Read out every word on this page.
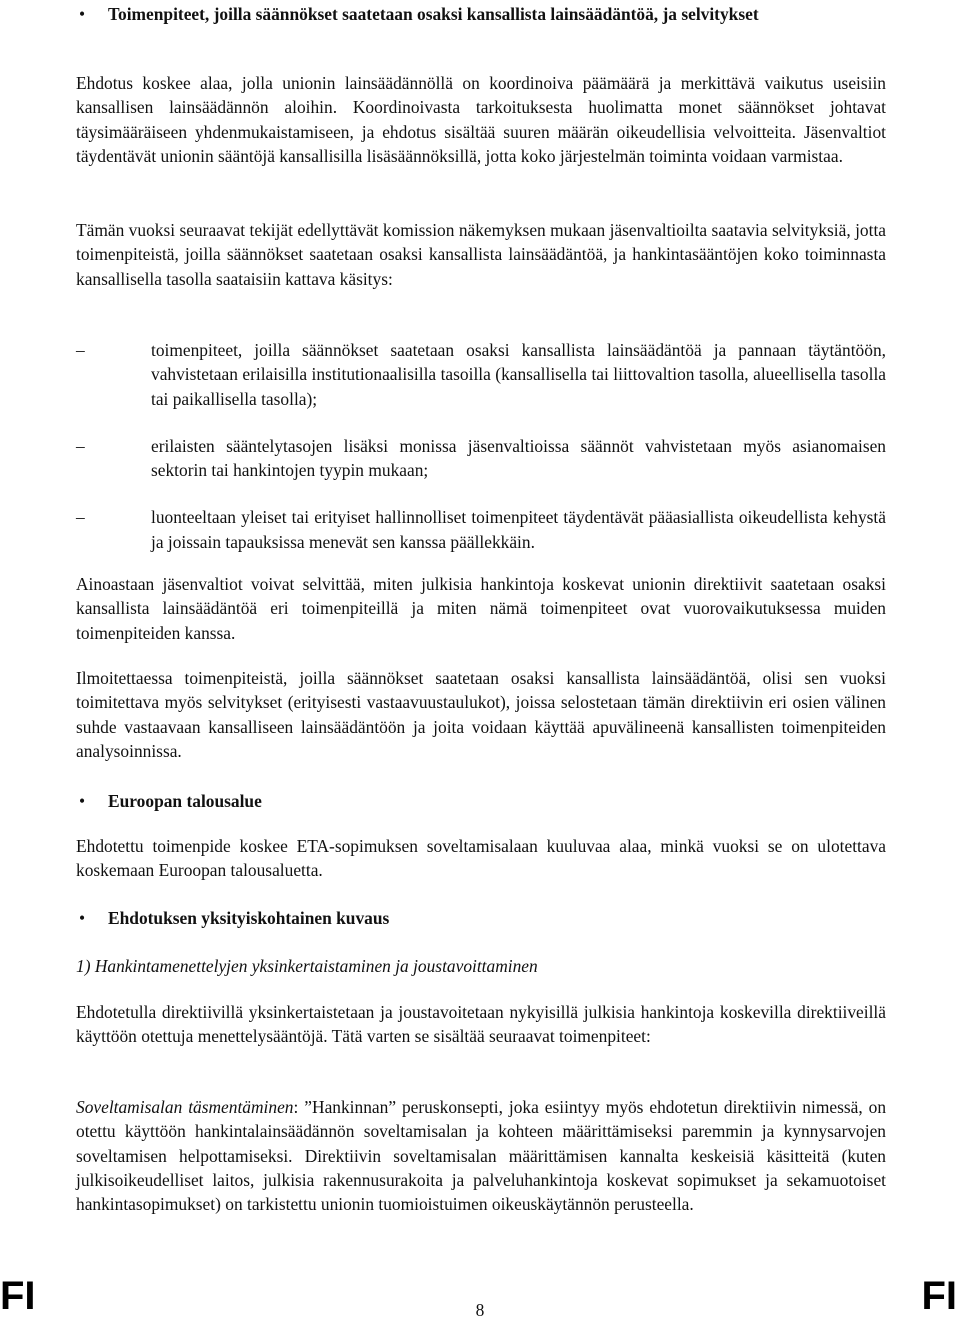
• Toimenpiteet, joilla säännökset saatetaan osaksi kansallista lainsäädäntöä, ja selvitykset

Ehdotus koskee alaa, jolla unionin lainsäädännöllä on koordinoiva päämäärä ja merkittävä vaikutus useisiin kansallisen lainsäädännön aloihin. Koordinoivasta tarkoituksesta huolimatta monet säännökset johtavat täysimääräiseen yhdenmukaistamiseen, ja ehdotus sisältää suuren määrän oikeudellisia velvoitteita. Jäsenvaltiot täydentävät unionin sääntöjä kansallisilla lisäsäännöksillä, jotta koko järjestelmän toiminta voidaan varmistaa.

Tämän vuoksi seuraavat tekijät edellyttävät komission näkemyksen mukaan jäsenvaltioilta saatavia selvityksiä, jotta toimenpiteistä, joilla säännökset saatetaan osaksi kansallista lainsäädäntöä, ja hankintasääntöjen koko toiminnasta kansallisella tasolla saataisiin kattava käsitys:

–	toimenpiteet, joilla säännökset saatetaan osaksi kansallista lainsäädäntöä ja pannaan täytäntöön, vahvistetaan erilaisilla institutionaalisilla tasoilla (kansallisella tai liittovaltion tasolla, alueellisella tasolla tai paikallisella tasolla);

–	erilaisten sääntelytasojen lisäksi monissa jäsenvaltioissa säännöt vahvistetaan myös asianomaisen sektorin tai hankintojen tyypin mukaan;

–	luonteeltaan yleiset tai erityiset hallinnolliset toimenpiteet täydentävät pääasiallista oikeudellista kehystä ja joissain tapauksissa menevät sen kanssa päällekkäin.

Ainoastaan jäsenvaltiot voivat selvittää, miten julkisia hankintoja koskevat unionin direktiivit saatetaan osaksi kansallista lainsäädäntöä eri toimenpiteillä ja miten nämä toimenpiteet ovat vuorovaikutuksessa muiden toimenpiteiden kanssa.

Ilmoitettaessa toimenpiteistä, joilla säännökset saatetaan osaksi kansallista lainsäädäntöä, olisi sen vuoksi toimitettava myös selvitykset (erityisesti vastaavuustaulukot), joissa selostetaan tämän direktiivin eri osien välinen suhde vastaavaan kansalliseen lainsäädäntöön ja joita voidaan käyttää apuvälineenä kansallisten toimenpiteiden analysoinnissa.

• Euroopan talousalue

Ehdotettu toimenpide koskee ETA-sopimuksen soveltamisalaan kuuluvaa alaa, minkä vuoksi se on ulotettava koskemaan Euroopan talousaluetta.

• Ehdotuksen yksityiskohtainen kuvaus

1) Hankintamenettelyjen yksinkertaistaminen ja joustavoittaminen

Ehdotetulla direktiivillä yksinkertaistetaan ja joustavoitetaan nykyisillä julkisia hankintoja koskevilla direktiiveillä käyttöön otettuja menettelysääntöjä. Tätä varten se sisältää seuraavat toimenpiteet:

Soveltamisalan täsmentäminen: ”Hankinnan” peruskonsepti, joka esiintyy myös ehdotetun direktiivin nimessä, on otettu käyttöön hankintalainsäädännön soveltamisalan ja kohteen määrittämiseksi paremmin ja kynnysarvojen soveltamisen helpottamiseksi. Direktiivin soveltamisalan määrittämisen kannalta keskeisiä käsitteitä (kuten julkisoikeudelliset laitos, julkisia rakennusurakoita ja palveluhankintoja koskevat sopimukset ja sekamuotoiset hankintasopimukset) on tarkistettu unionin tuomioistuimen oikeuskäytännön perusteella.

FI	8	FI
